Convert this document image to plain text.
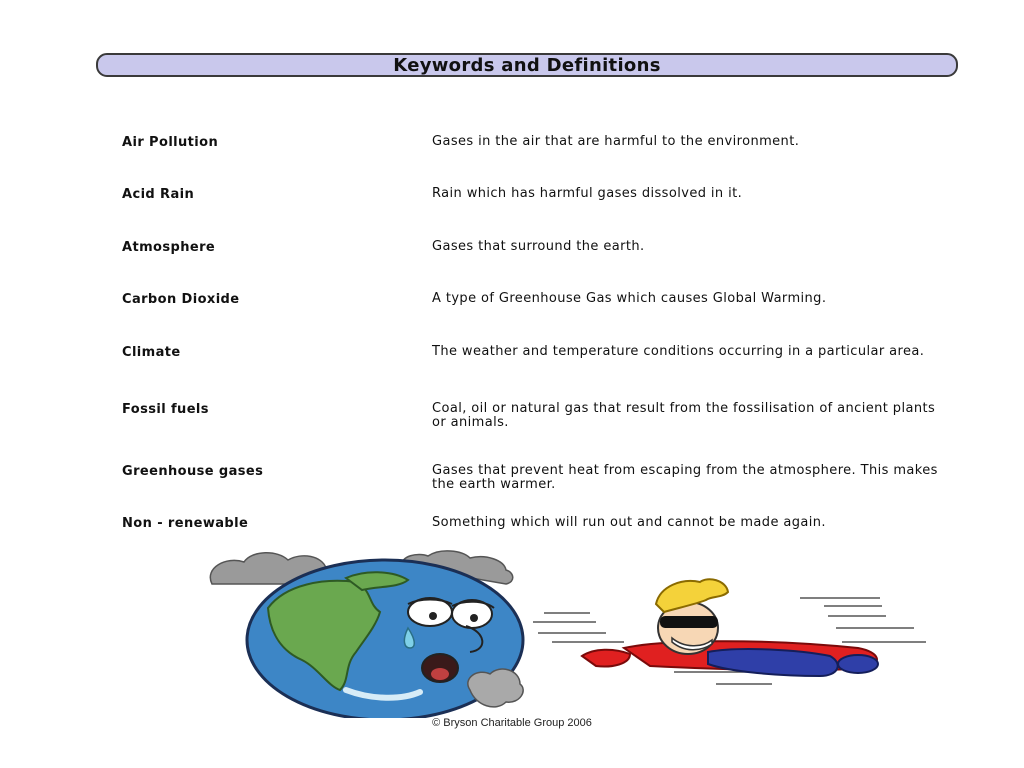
Keywords and Definitions
Air Pollution	Gases in the air that are harmful to the environment.
Acid Rain	Rain which has harmful gases dissolved in it.
Atmosphere	Gases that surround the earth.
Carbon Dioxide	A type of Greenhouse Gas which causes Global Warming.
Climate	The weather and temperature conditions occurring in a particular area.
Fossil fuels	Coal, oil or natural gas that result from the fossilisation of ancient plants or animals.
Greenhouse gases	Gases that prevent heat from escaping from the atmosphere. This makes the earth warmer.
Non - renewable	Something which will run out and cannot be made again.
© Bryson Charitable Group 2006
